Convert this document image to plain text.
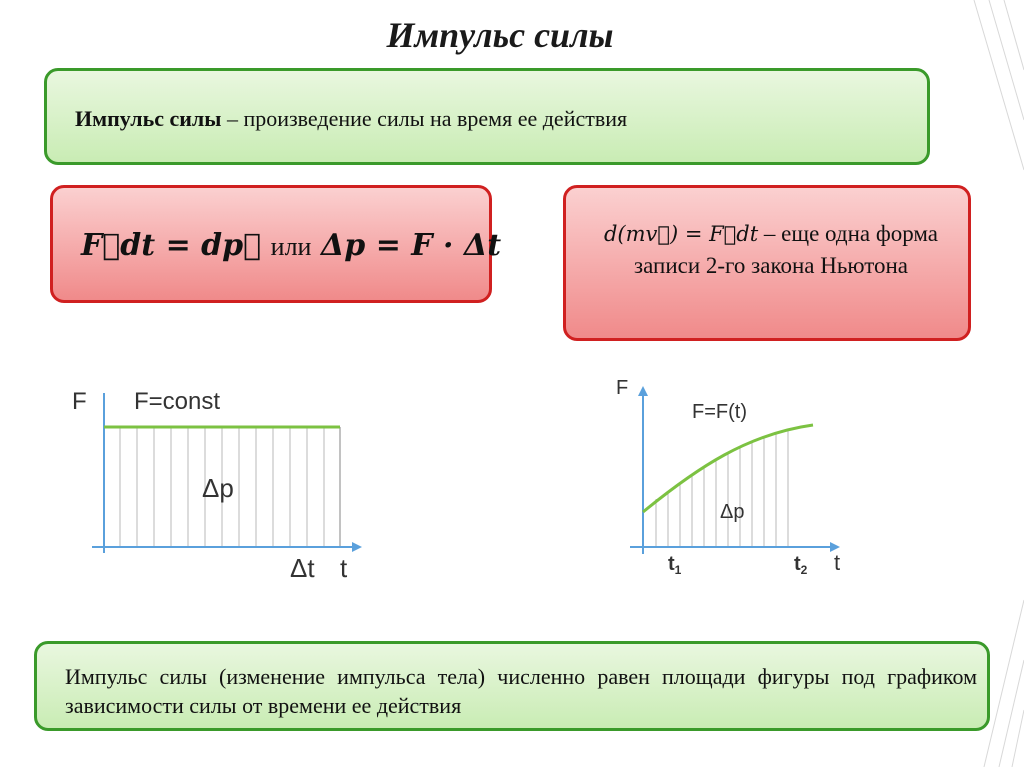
Импульс силы
Импульс силы – произведение силы на время ее действия
F⃗dt = dp⃗ или Δp = F · Δt	d(mv⃗) = F⃗dt – еще одна форма записи 2-го закона Ньютона
F F=const
Δp
Δt t
F
F=F(t)
Δp
$t_1$	$t_2$ t
Импульс силы (изменение импульса тела) численно равен площади фигуры под графиком зависимости силы от времени ее действия
